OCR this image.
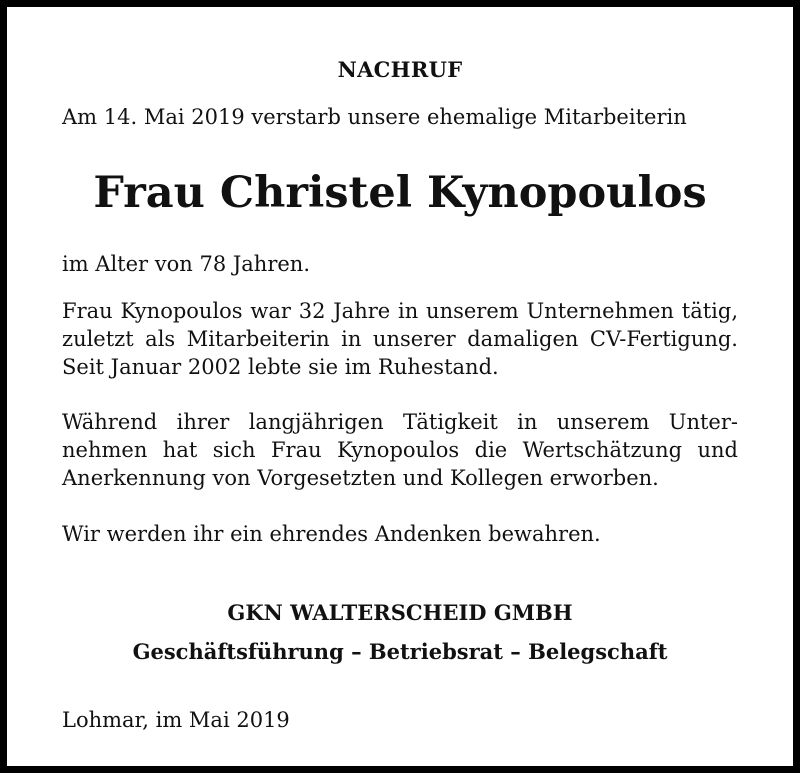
NACHRUF
Am 14. Mai 2019 verstarb unsere ehemalige Mitarbeiterin
Frau Christel Kynopoulos
im Alter von 78 Jahren.
Frau Kynopoulos war 32 Jahre in unserem Unternehmen tätig,
zuletzt als Mitarbeiterin in unserer damaligen CV-Fertigung.
Seit Januar 2002 lebte sie im Ruhestand.
Während ihrer langjährigen Tätigkeit in unserem Unter-
nehmen hat sich Frau Kynopoulos die Wertschätzung und
Anerkennung von Vorgesetzten und Kollegen erworben.
Wir werden ihr ein ehrendes Andenken bewahren.
GKN WALTERSCHEID GMBH
Geschäftsführung – Betriebsrat – Belegschaft
Lohmar, im Mai 2019
